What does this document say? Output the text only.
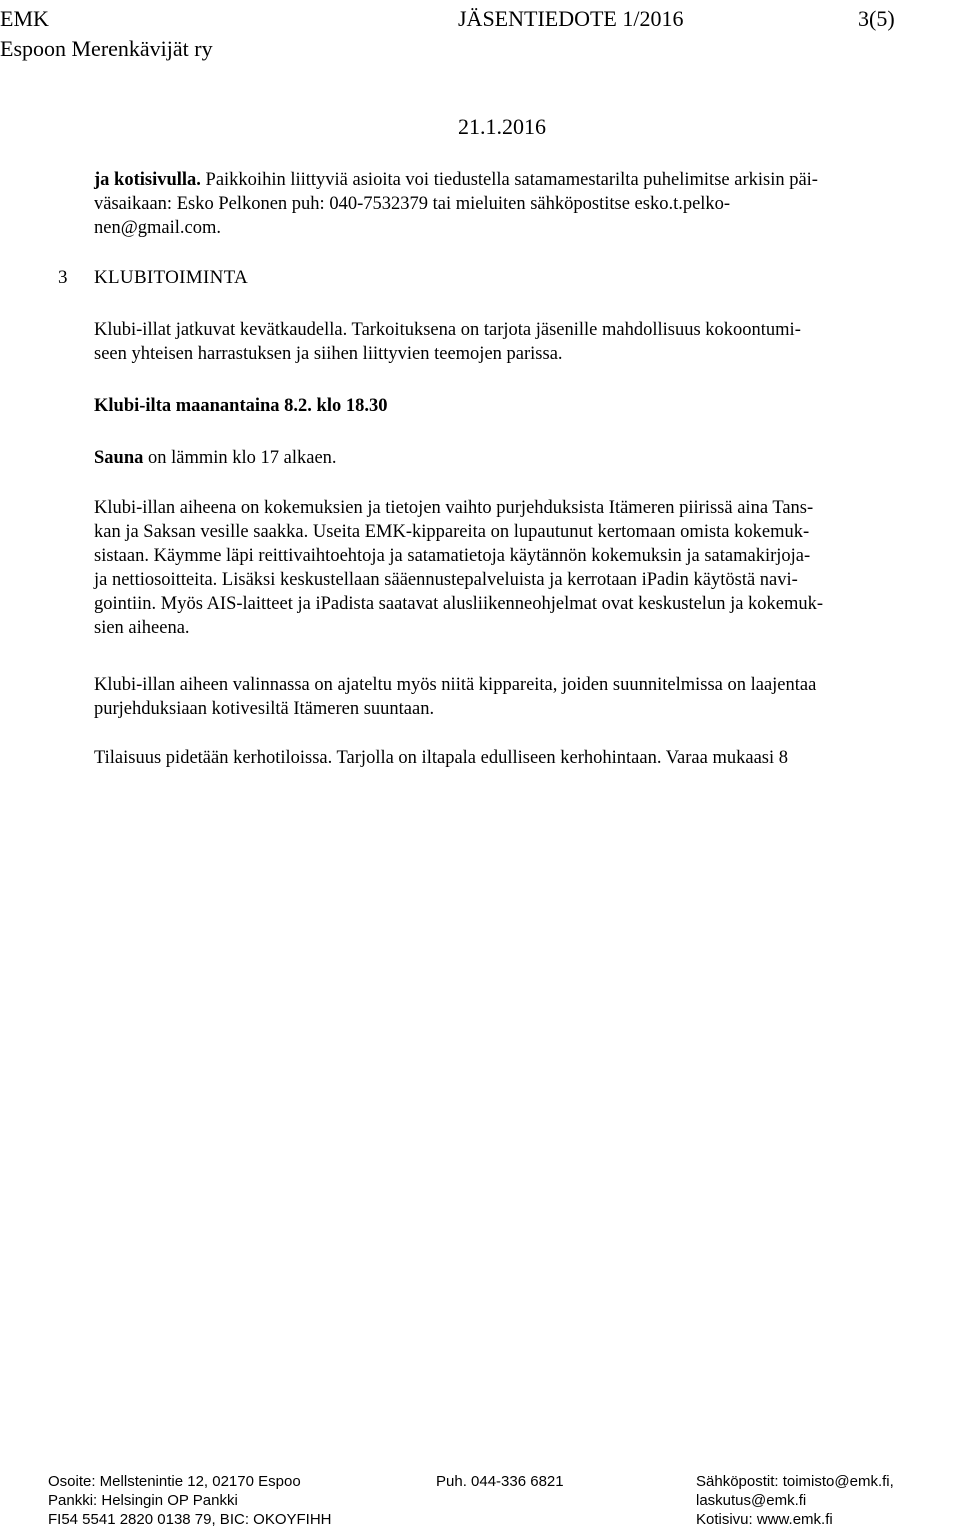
EMK	JÄSENTIEDOTE 1/2016	3(5)
Espoon Merenkävijät ry
21.1.2016
ja kotisivulla. Paikkoihin liittyviä asioita voi tiedustella satamamestarilta puhelimitse arkisin päi-
väsaikaan: Esko Pelkonen puh: 040-7532379 tai mieluiten sähköpostitse esko.t.pelko-
nen@gmail.com.
3 KLUBITOIMINTA
Klubi-illat jatkuvat kevätkaudella. Tarkoituksena on tarjota jäsenille mahdollisuus kokoontumi-
seen yhteisen harrastuksen ja siihen liittyvien teemojen parissa.
Klubi-ilta maanantaina 8.2. klo 18.30
Sauna on lämmin klo 17 alkaen.
Klubi-illan aiheena on kokemuksien ja tietojen vaihto purjehduksista Itämeren piirissä aina Tans-
kan ja Saksan vesille saakka. Useita EMK-kippareita on lupautunut kertomaan omista kokemuk-
sistaan. Käymme läpi reittivaihtoehtoja ja satamatietoja käytännön kokemuksin ja satamakirjoja-
ja nettiosoitteita. Lisäksi keskustellaan sääennustepalveluista ja kerrotaan iPadin käytöstä navi-
gointiin. Myös AIS-laitteet ja iPadista saatavat alusliikenneohjelmat ovat keskustelun ja kokemuk-
sien aiheena.
Klubi-illan aiheen valinnassa on ajateltu myös niitä kippareita, joiden suunnitelmissa on laajentaa
purjehduksiaan kotivesiltä Itämeren suuntaan.
Tilaisuus pidetään kerhotiloissa. Tarjolla on iltapala edulliseen kerhohintaan. Varaa mukaasi 8
Osoite: Mellstenintie 12, 02170 Espoo
Pankki: Helsingin OP Pankki
FI54 5541 2820 0138 79, BIC: OKOYFIHH
Puh. 044-336 6821	Sähköpostit: toimisto@emk.fi,
laskutus@emk.fi
Kotisivu: www.emk.fi
